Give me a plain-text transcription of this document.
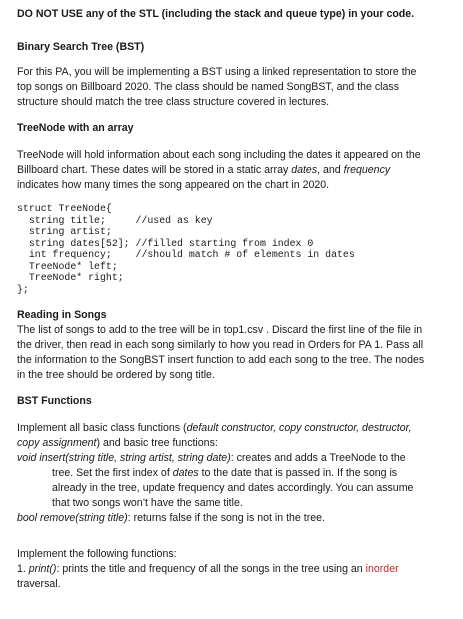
DO NOT USE any of the STL (including the stack and queue type) in your code.
Binary Search Tree (BST)
For this PA, you will be implementing a BST using a linked representation to store the
top songs on Billboard 2020. The class should be named SongBST, and the class
structure should match the tree class structure covered in lectures.
TreeNode with an array
TreeNode will hold information about each song including the dates it appeared on the
Billboard chart. These dates will be stored in a static array dates, and frequency
indicates how many times the song appeared on the chart in 2020.
struct TreeNode{
string title;     //used as key
string artist;
string dates[52]; //filled starting from index 0
int frequency;    //should match # of elements in dates
TreeNode* left;
TreeNode* right;
};
Reading in Songs
The list of songs to add to the tree will be in top1.csv . Discard the first line of the file in
the driver, then read in each song similarly to how you read in Orders for PA 1. Pass all
the information to the SongBST insert function to add each song to the tree. The nodes
in the tree should be ordered by song title.
BST Functions
Implement all basic class functions (default constructor, copy constructor, destructor,
copy assignment) and basic tree functions:
void insert(string title, string artist, string date): creates and adds a TreeNode to the
tree. Set the first index of dates to the date that is passed in. If the song is
already in the tree, update frequency and dates accordingly. You can assume
that two songs won’t have the same title.
bool remove(string title): returns false if the song is not in the tree.
Implement the following functions:
1. print(): prints the title and frequency of all the songs in the tree using an inorder
traversal.
